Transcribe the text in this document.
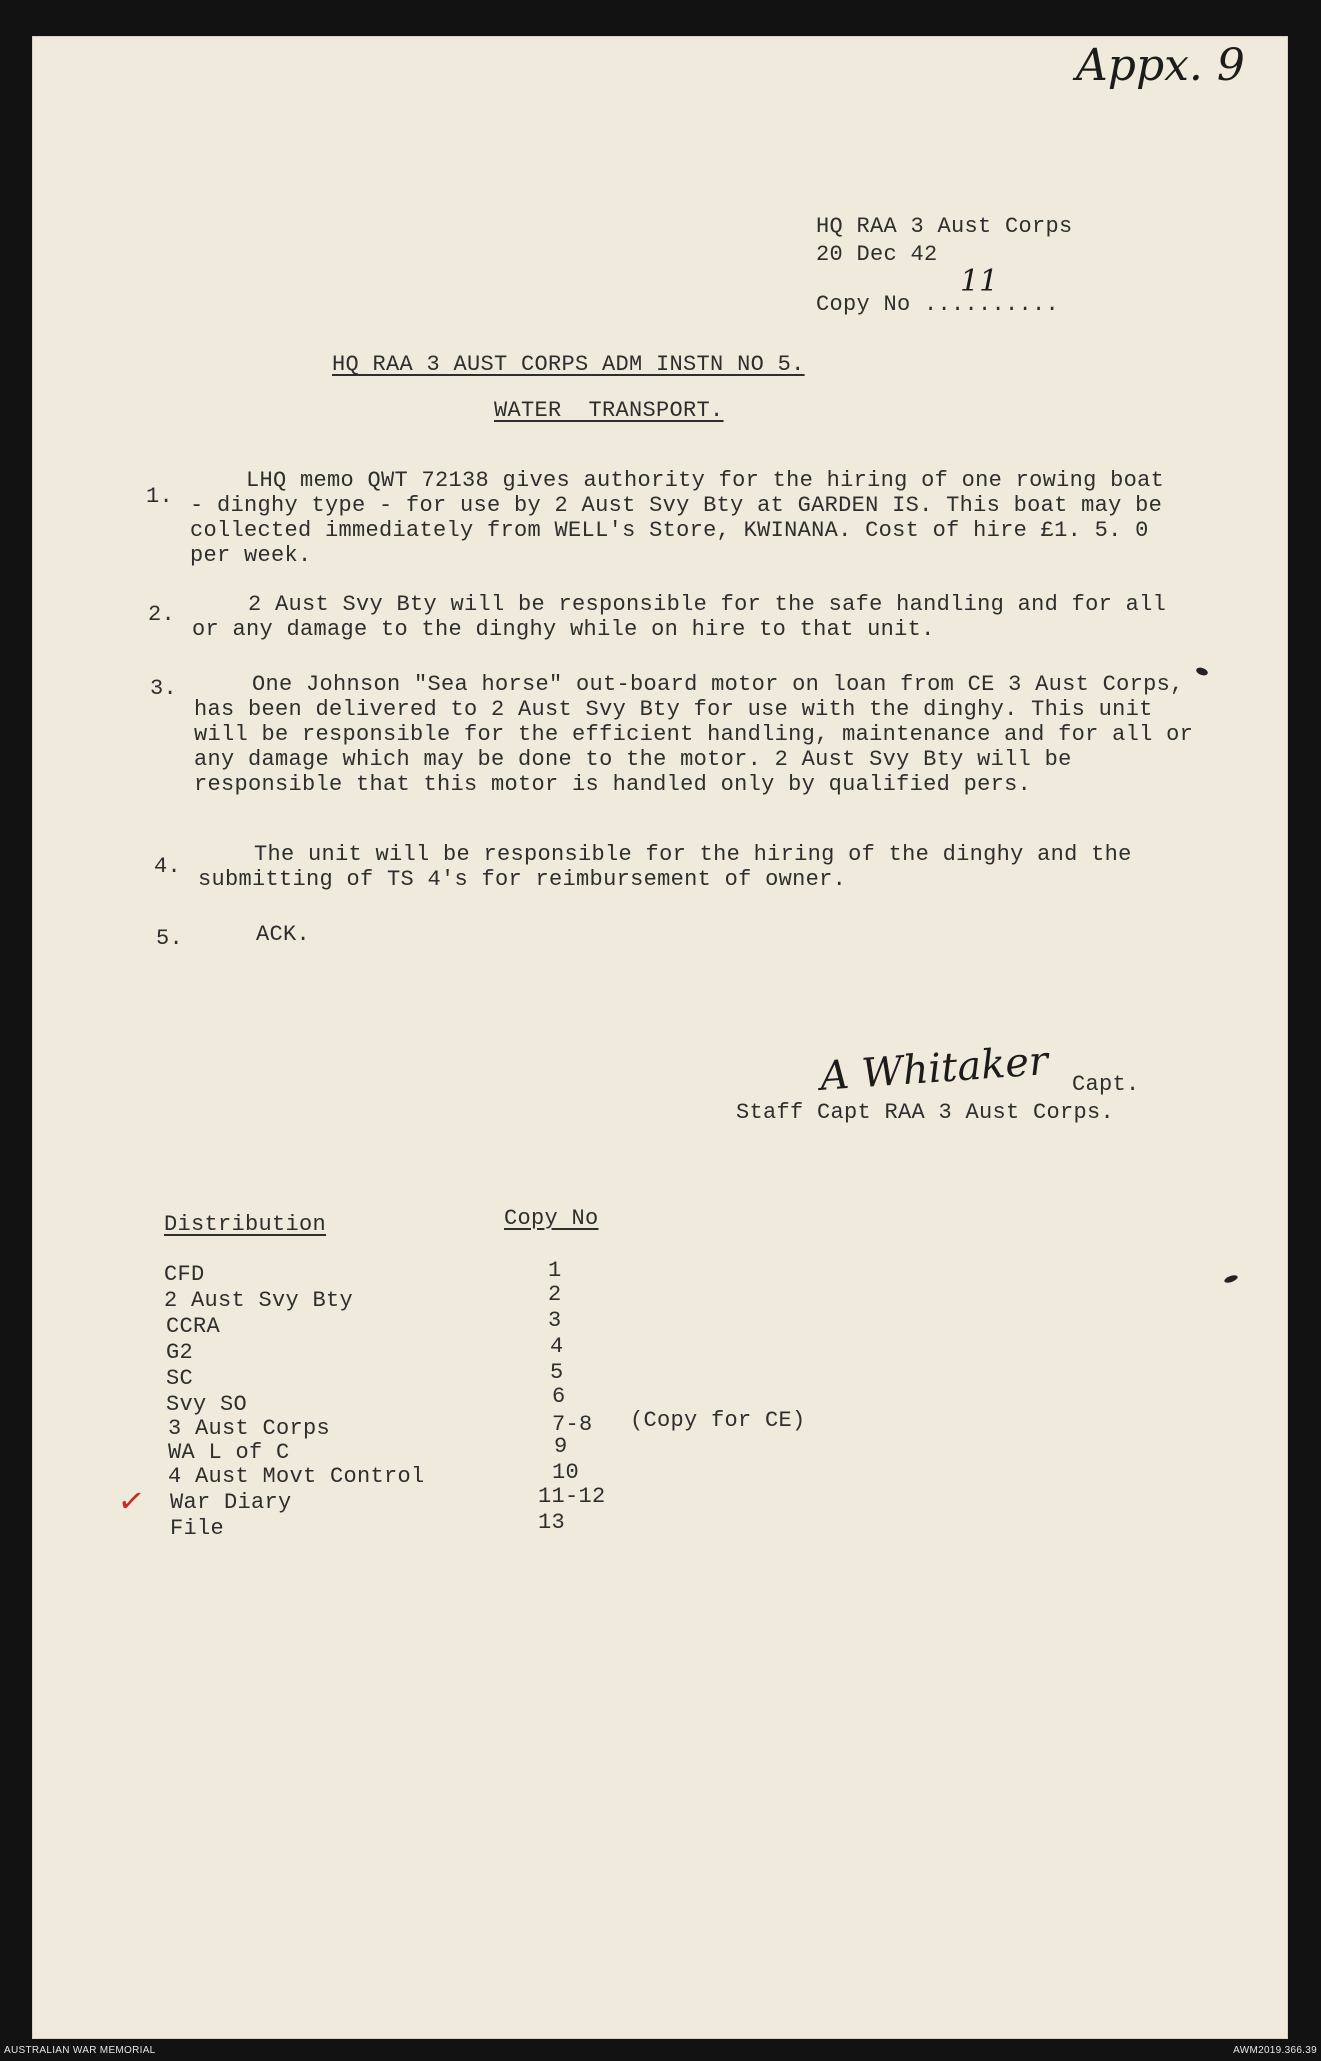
Appx. 9
HQ RAA 3 Aust Corps
20 Dec 42
Copy No ..........
11
HQ RAA 3 AUST CORPS ADM INSTN NO 5.
WATER  TRANSPORT.
1.
LHQ memo QWT 72138 gives authority for the hiring of one rowing boat - dinghy type - for use by 2 Aust Svy Bty at GARDEN IS. This boat may be collected immediately from WELL's Store, KWINANA. Cost of hire £1. 5. 0 per week.
2.	2 Aust Svy Bty will be responsible for the safe handling and for all or any damage to the dinghy while on hire to that unit.
3.	One Johnson "Sea horse" out-board motor on loan from CE 3 Aust Corps, has been delivered to 2 Aust Svy Bty for use with the dinghy. This unit will be responsible for the efficient handling, maintenance and for all or any damage which may be done to the motor. 2 Aust Svy Bty will be responsible that this motor is handled only by qualified pers.
4.	The unit will be responsible for the hiring of the dinghy and the submitting of TS 4's for reimbursement of owner.
5.	ACK.
A Whitaker Capt.
Staff Capt RAA 3 Aust Corps.
Distribution	Copy No
CFD	1
2 Aust Svy Bty	2
CCRA	3
G2	4
SC	5
Svy SO	6
3 Aust Corps	7-8 (Copy for CE)
WA L of C	9
4 Aust Movt Control	10
✓ War Diary	11-12
File	13
AUSTRALIAN WAR MEMORIAL	AWM2019.366.39
